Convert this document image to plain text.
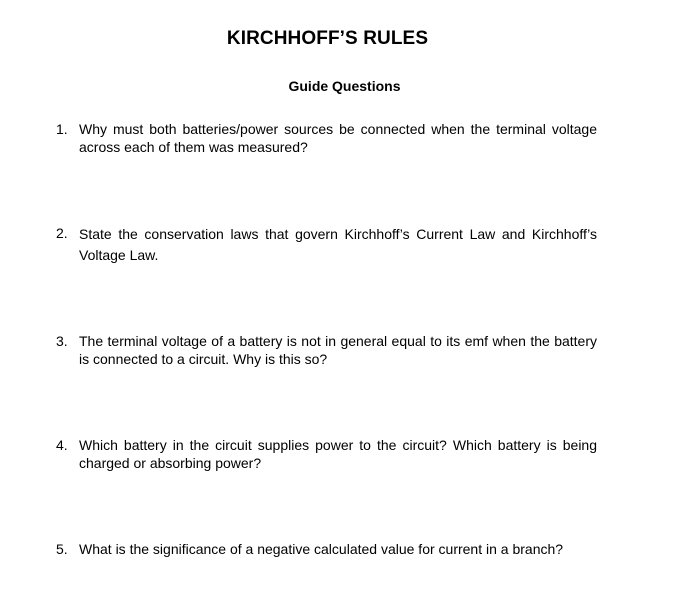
KIRCHHOFF’S RULES
Guide Questions
1. Why must both batteries/power sources be connected when the terminal voltage across each of them was measured?
2. State the conservation laws that govern Kirchhoff’s Current Law and Kirchhoff’s Voltage Law.
3. The terminal voltage of a battery is not in general equal to its emf when the battery is connected to a circuit. Why is this so?
4. Which battery in the circuit supplies power to the circuit? Which battery is being charged or absorbing power?
5. What is the significance of a negative calculated value for current in a branch?
